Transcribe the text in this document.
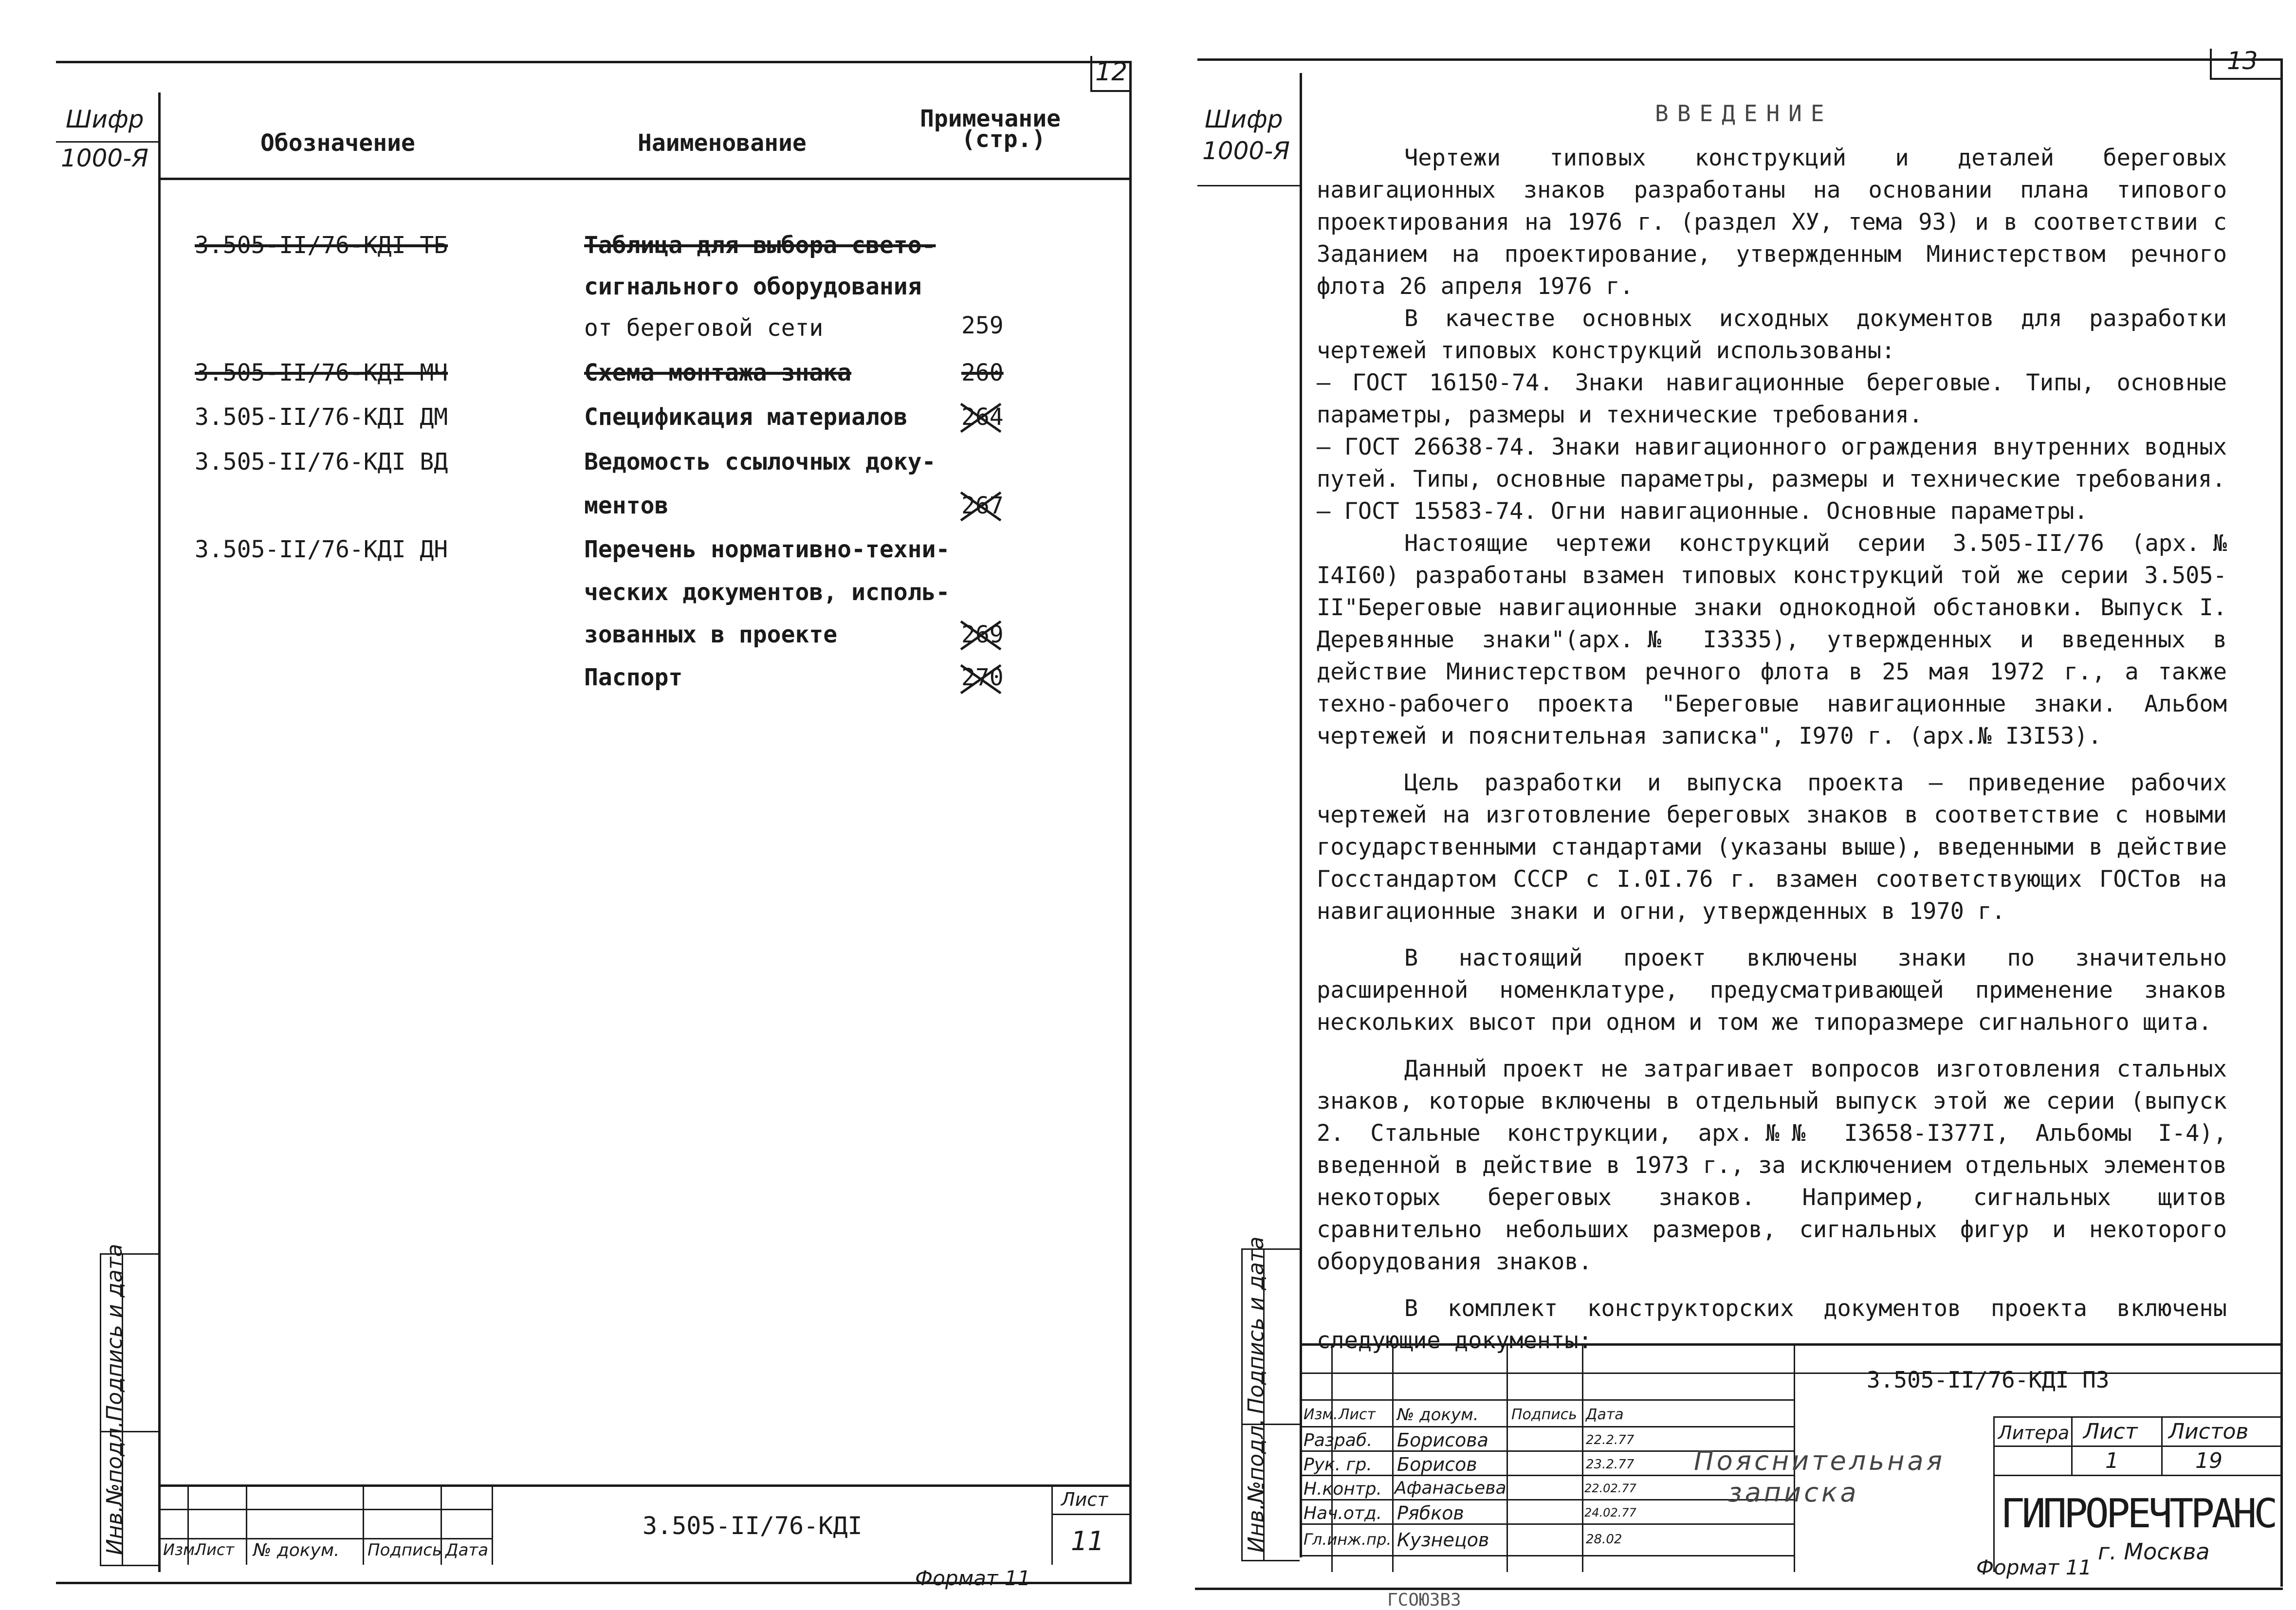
Шифр
1000-Я
12
Обозначение	Наименование
Примечание
(стр.)
3.505-II/76-КДI ТБ	Таблица для выбора свето-
сигнального оборудования
от береговой сети	259
3.505-II/76-КДI МЧ	Схема монтажа знака	260
3.505-II/76-КДI ДМ	Спецификация материалов 264
3.505-II/76-КДI ВД	Ведомость ссылочных доку-
ментов	267
3.505-II/76-КДI ДН	Перечень нормативно-техни-
ческих документов, исполь-
зованных в проекте	269
Паспорт	270
Подпись и дата
Инв.№подл.	3.505-II/76-КДI
Лист
11
Изм.
Лист № докум. Подпись Дата
Формат 11
Шифр
1000-Я
13
ВВЕДЕНИЕ

Чертежи типовых конструкций и деталей береговых навигационных знаков разработаны на основании плана типового проектирования на 1976 г. (раздел ХУ, тема 93) и в соответствии с Заданием на проектирование, утвержденным Министерством речного флота 26 апреля 1976 г.

В качестве основных исходных документов для разработки чертежей типовых конструкций использованы:

– ГОСТ 16150-74. Знаки навигационные береговые. Типы, основные параметры, размеры и технические требования.

– ГОСТ 26638-74. Знаки навигационного ограждения внутренних водных путей. Типы, основные параметры, размеры и технические требования.

– ГОСТ 15583-74. Огни навигационные. Основные параметры.

Настоящие чертежи конструкций серии 3.505-II/76 (арх.№ I4I60) разработаны взамен типовых конструкций той же серии 3.505-II"Береговые навигационные знаки однокодной обстановки. Выпуск I. Деревянные знаки"(арх.№ I3335), утвержденных и введенных в действие Министерством речного флота в 25 мая 1972 г., а также техно-рабочего проекта "Береговые навигационные знаки. Альбом чертежей и пояснительная записка", I970 г. (арх.№ I3I53).

Цель разработки и выпуска проекта – приведение рабочих чертежей на изготовление береговых знаков в соответствие с новыми государственными стандартами (указаны выше), введенными в действие Госстандартом СССР с I.0I.76 г. взамен соответствующих ГОСТов на навигационные знаки и огни, утвержденных в 1970 г.

В настоящий проект включены знаки по значительно расширенной номенклатуре, предусматривающей применение знаков нескольких высот при одном и том же типоразмере сигнального щита.

Данный проект не затрагивает вопросов изготовления стальных знаков, которые включены в отдельный выпуск этой же серии (выпуск 2. Стальные конструкции, арх.№№ I3658-I377I, Альбомы I-4), введенной в действие в 1973 г., за исключением отдельных элементов некоторых береговых знаков. Например, сигнальных щитов сравнительно небольших размеров, сигнальных фигур и некоторого оборудования знаков.

В комплект конструкторских документов проекта включены следующие документы:

Подпись и дата
Инв.№подл.
3.505-II/76-КДI ПЗ
Изм. Лист № докум. Подпись Дата
Разраб. Борисова	22.2.77
Рук. гр. Борисов	23.2.77
Н.контр. Афанасьева	22.02.77
Нач.отд. Рябков	24.02.77
Гл.инж.пр. Кузнецов	28.02
Пояснительная
записка
Литера Лист Листов
1	19
ГИПРОРЕЧТРАНС
г. Москва
Формат 11
ГСОЮЗВЗ
